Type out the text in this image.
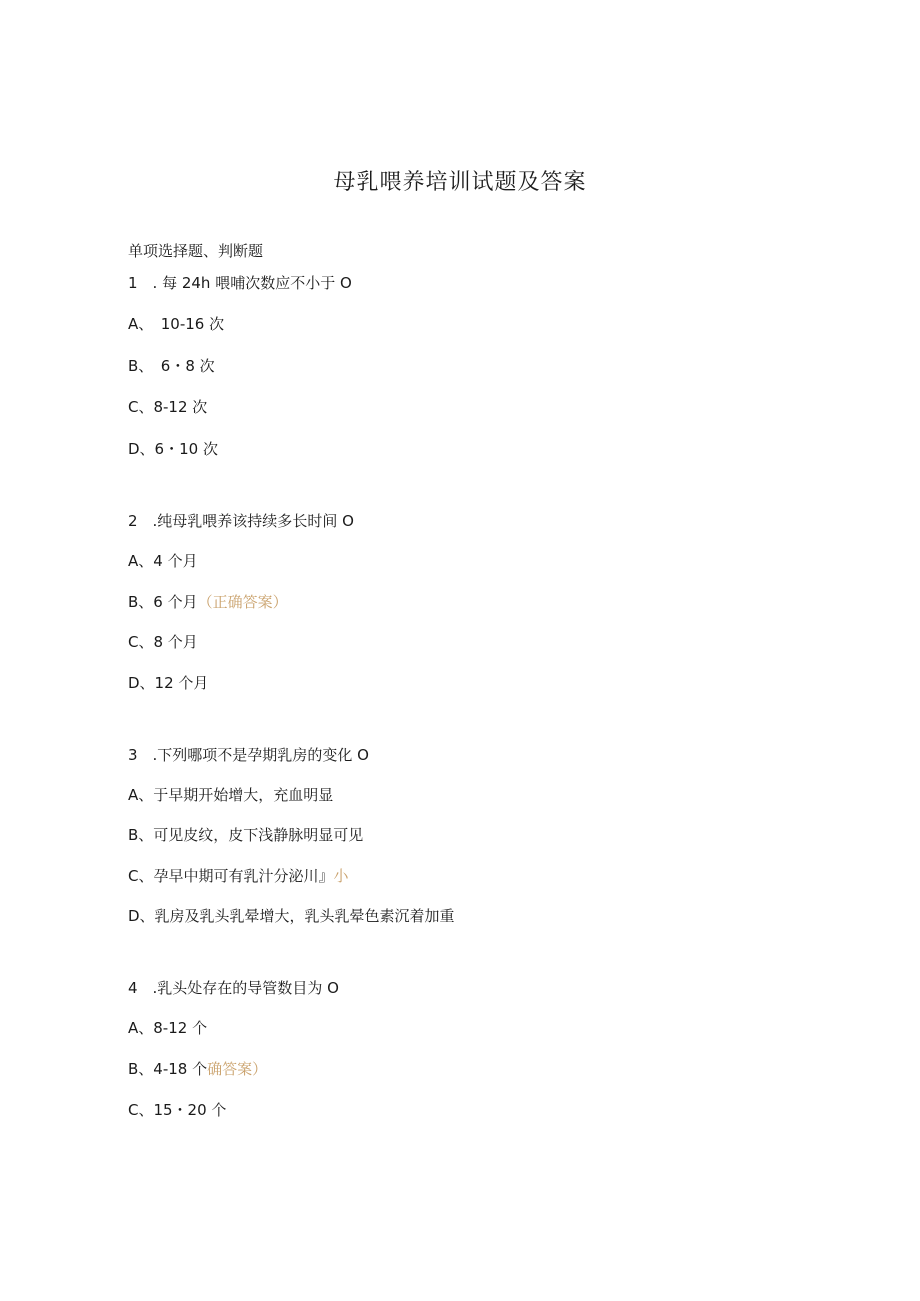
母乳喂养培训试题及答案
单项选择题、判断题
1　. 每 24h 喂哺次数应不小于 O
A、　10-16 次
B、　6・8 次
C、8-12 次
D、6・10 次
2　.纯母乳喂养该持续多长时间 O
A、4 个月
B、6 个月（正确答案）
C、8 个月
D、12 个月
3　.下列哪项不是孕期乳房的变化 O
A、于早期开始增大，充血明显
B、可见皮纹，皮下浅静脉明显可见
C、孕早中期可有乳汁分泌川』小
D、乳房及乳头乳晕增大，乳头乳晕色素沉着加重
4　.乳头处存在的导管数目为 O
A、8-12 个
B、4-18 个确答案）
C、15・20 个
